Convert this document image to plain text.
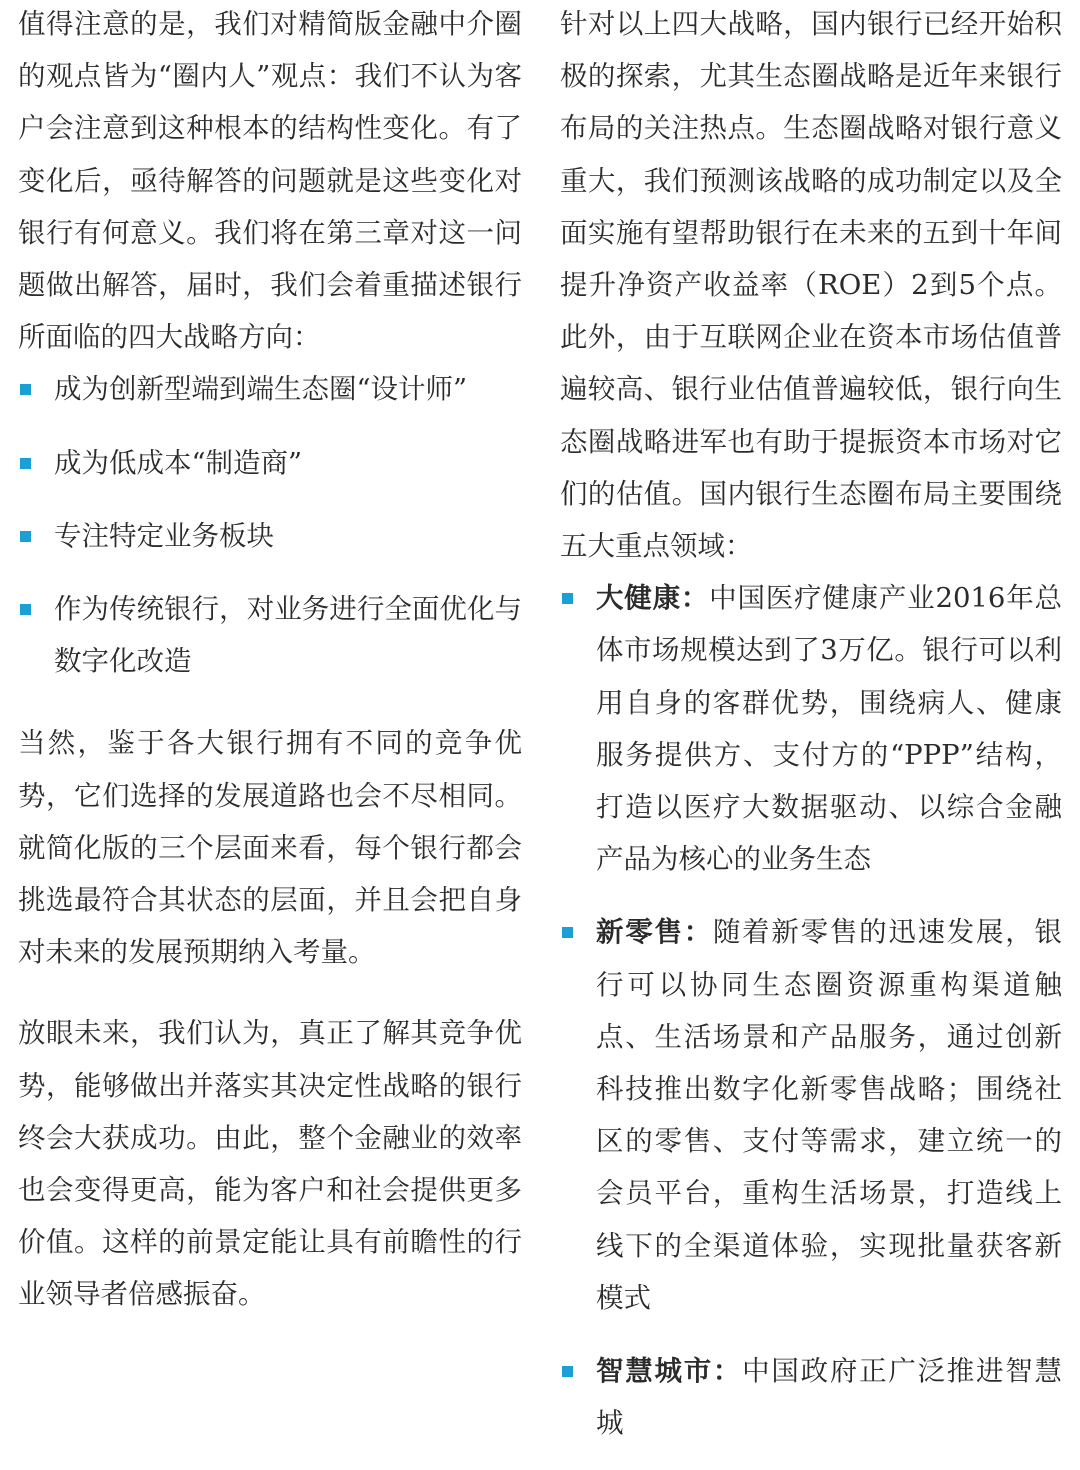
值得注意的是，我们对精简版金融中介圈的观点皆为“圈内人”观点：我们不认为客户会注意到这种根本的结构性变化。有了变化后，亟待解答的问题就是这些变化对银行有何意义。我们将在第三章对这一问题做出解答，届时，我们会着重描述银行所面临的四大战略方向：

成为创新型端到端生态圈“设计师”
成为低成本“制造商”
专注特定业务板块
作为传统银行，对业务进行全面优化与数字化改造

当然，鉴于各大银行拥有不同的竞争优势，它们选择的发展道路也会不尽相同。就简化版的三个层面来看，每个银行都会挑选最符合其状态的层面，并且会把自身对未来的发展预期纳入考量。

放眼未来，我们认为，真正了解其竞争优势，能够做出并落实其决定性战略的银行终会大获成功。由此，整个金融业的效率也会变得更高，能为客户和社会提供更多价值。这样的前景定能让具有前瞻性的行业领导者倍感振奋。

针对以上四大战略，国内银行已经开始积极的探索，尤其生态圈战略是近年来银行布局的关注热点。生态圈战略对银行意义重大，我们预测该战略的成功制定以及全面实施有望帮助银行在未来的五到十年间提升净资产收益率（ROE）2到5个点。此外，由于互联网企业在资本市场估值普遍较高、银行业估值普遍较低，银行向生态圈战略进军也有助于提振资本市场对它们的估值。国内银行生态圈布局主要围绕五大重点领域：

大健康：中国医疗健康产业2016年总体市场规模达到了3万亿。银行可以利用自身的客群优势，围绕病人、健康服务提供方、支付方的“PPP”结构，打造以医疗大数据驱动、以综合金融产品为核心的业务生态
新零售：随着新零售的迅速发展，银行可以协同生态圈资源重构渠道触点、生活场景和产品服务，通过创新科技推出数字化新零售战略；围绕社区的零售、支付等需求，建立统一的会员平台，重构生活场景，打造线上线下的全渠道体验，实现批量获客新模式
智慧城市：中国政府正广泛推进智慧城
